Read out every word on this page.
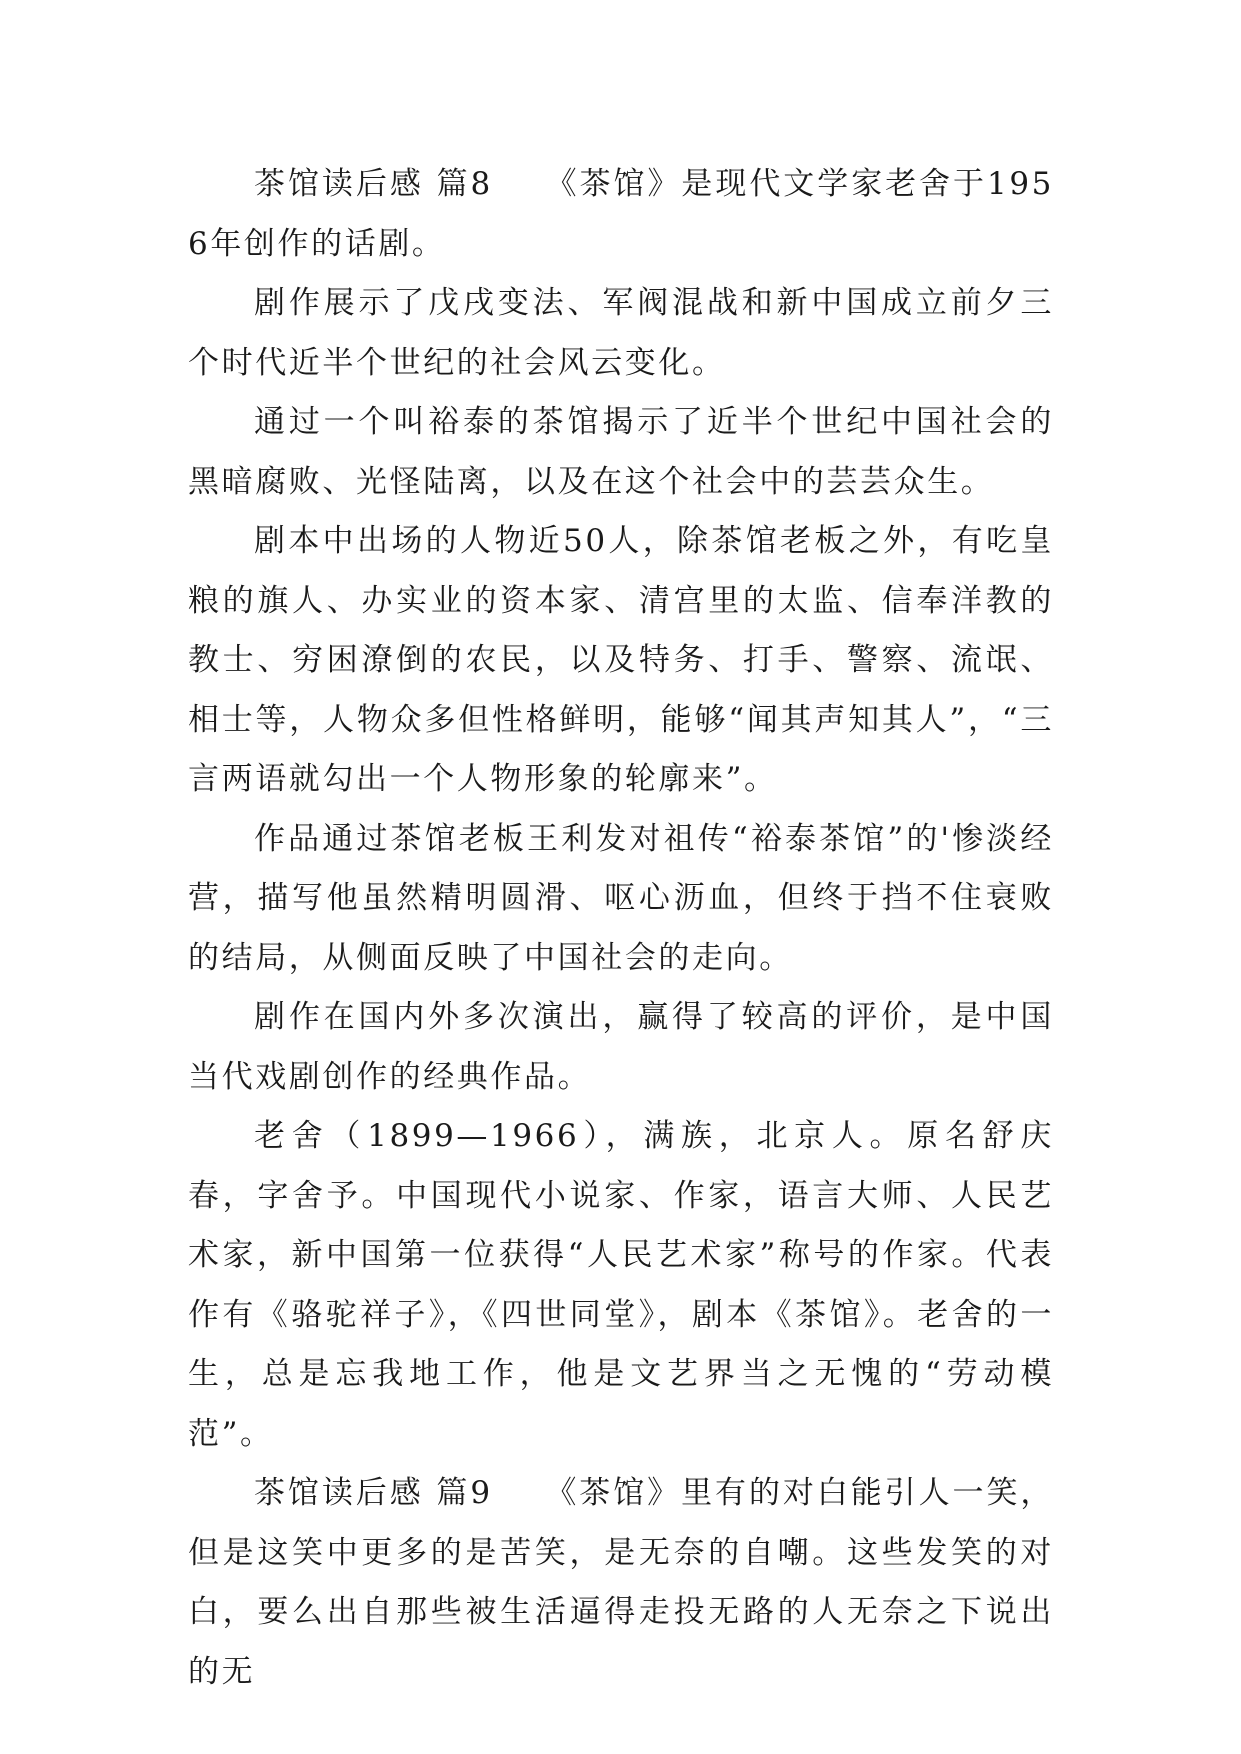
茶馆读后感 篇8　　《茶馆》是现代文学家老舍于1956年创作的话剧。

剧作展示了戊戌变法、军阀混战和新中国成立前夕三个时代近半个世纪的社会风云变化。

通过一个叫裕泰的茶馆揭示了近半个世纪中国社会的黑暗腐败、光怪陆离，以及在这个社会中的芸芸众生。

剧本中出场的人物近50人，除茶馆老板之外，有吃皇粮的旗人、办实业的资本家、清宫里的太监、信奉洋教的教士、穷困潦倒的农民，以及特务、打手、警察、流氓、相士等，人物众多但性格鲜明，能够“闻其声知其人”，“三言两语就勾出一个人物形象的轮廓来”。

作品通过茶馆老板王利发对祖传“裕泰茶馆”的'惨淡经营，描写他虽然精明圆滑、呕心沥血，但终于挡不住衰败的结局，从侧面反映了中国社会的走向。

剧作在国内外多次演出，赢得了较高的评价，是中国当代戏剧创作的经典作品。

老舍（1899—1966），满族，北京人。原名舒庆春，字舍予。中国现代小说家、作家，语言大师、人民艺术家，新中国第一位获得“人民艺术家”称号的作家。代表作有《骆驼祥子》，《四世同堂》，剧本《茶馆》。老舍的一生，总是忘我地工作，他是文艺界当之无愧的“劳动模范”。

茶馆读后感 篇9　　《茶馆》里有的对白能引人一笑，但是这笑中更多的是苦笑，是无奈的自嘲。这些发笑的对白，要么出自那些被生活逼得走投无路的人无奈之下说出的无
